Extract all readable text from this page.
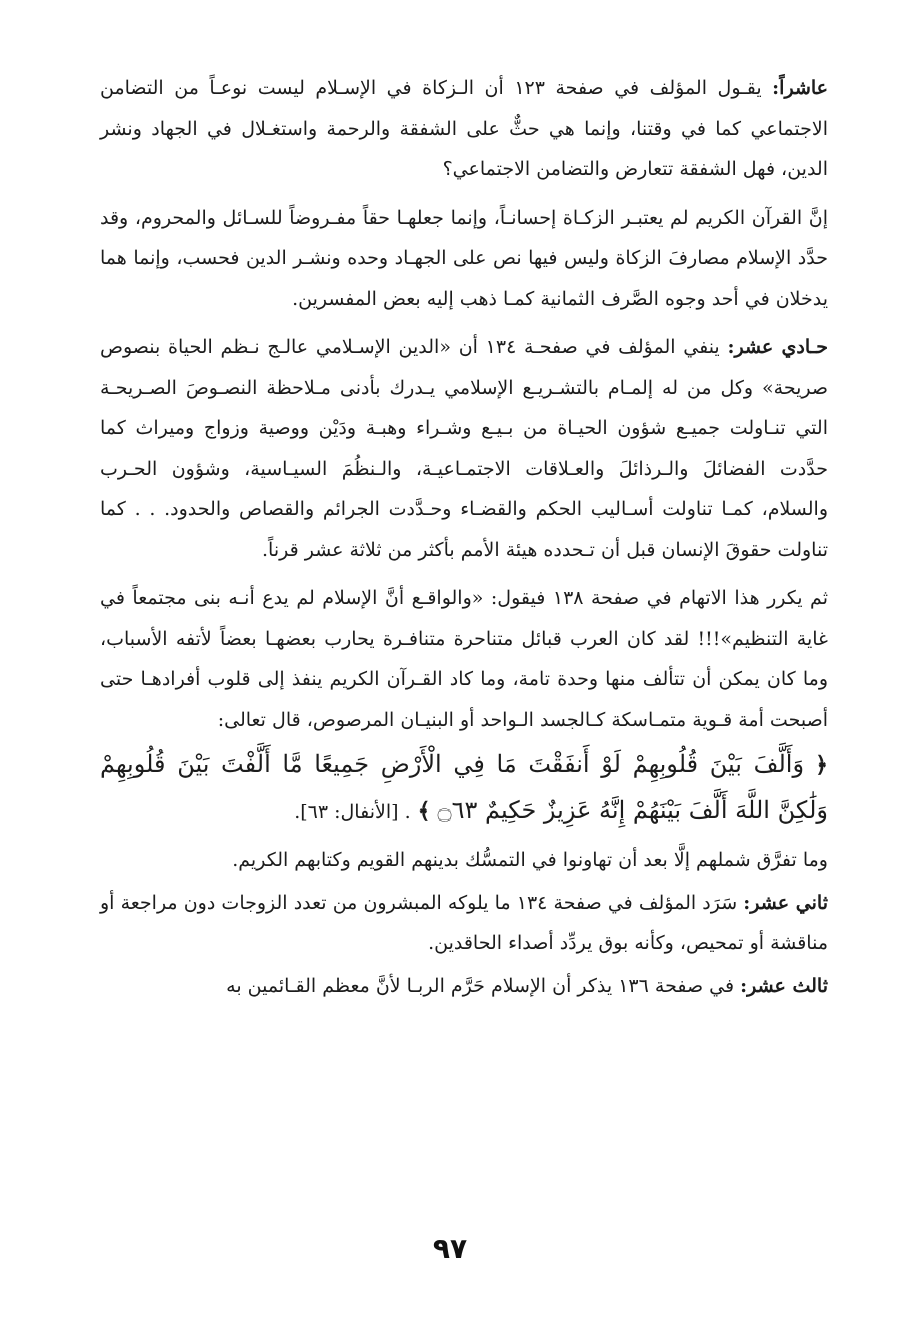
عاشراً: يقـول المؤلف في صفحة ١٢٣ أن الـزكاة في الإسـلام ليست نوعـاً من التضامن الاجتماعي كما في وقتنا، وإنما هي حثٌّ على الشفقة والرحمة واستغـلال في الجهاد ونشر الدين، فهل الشفقة تتعارض والتضامن الاجتماعي؟

إنَّ القرآن الكريم لم يعتبـر الزكـاة إحسانـاً، وإنما جعلهـا حقاً مفـروضاً للسـائل والمحروم، وقد حدَّد الإسلام مصارفَ الزكاة وليس فيها نص على الجهـاد وحده ونشـر الدين فحسب، وإنما هما يدخلان في أحد وجوه الصَّرف الثمانية كمـا ذهب إليه بعض المفسرين.

حـادي عشر: ينفي المؤلف في صفحـة ١٣٤ أن «الدين الإسـلامي عالـج نـظم الحياة بنصوص صريحة» وكل من له إلمـام بالتشـريـع الإسلامي يـدرك بأدنى مـلاحظة النصـوصَ الصـريحـة التي تنـاولت جميـع شؤون الحيـاة من بـيـع وشـراء وهبـة ودَيْن ووصية وزواج وميراث كما حدَّدت الفضائلَ والـرذائلَ والعـلاقات الاجتمـاعيـة، والـنظُمَ السيـاسية، وشؤون الحـرب والسلام، كمـا تناولت أسـاليب الحكم والقضـاء وحـدَّدت الجرائم والقصاص والحدود. . . كما تناولت حقوقَ الإنسان قبل أن تـحدده هيئة الأمم بأكثر من ثلاثة عشر قرناً.

ثم يكرر هذا الاتهام في صفحة ١٣٨ فيقول: «والواقـع أنَّ الإسلام لم يدع أنـه بنى مجتمعاً في غاية التنظيم»!!! لقد كان العرب قبائل متناحرة متنافـرة يحارب بعضهـا بعضاً لأتفه الأسباب، وما كان يمكن أن تتألف منها وحدة تامة، وما كاد القـرآن الكريم ينفذ إلى قلوب أفرادهـا حتى أصبحت أمة قـوية متمـاسكة كـالجسد الـواحد أو البنيـان المرصوص، قال تعالى:

﴿ وَأَلَّفَ بَيْنَ قُلُوبِهِمْ لَوْ أَنفَقْتَ مَا فِي الْأَرْضِ جَمِيعًا مَّا أَلَّفْتَ بَيْنَ قُلُوبِهِمْ وَلَٰكِنَّ اللَّهَ أَلَّفَ بَيْنَهُمْ إِنَّهُ عَزِيزٌ حَكِيمٌ ۝٦٣ ﴾ . [الأنفال: ٦٣].

وما تفرَّق شملهم إلَّا بعد أن تهاونوا في التمسُّك بدينهم القويم وكتابهم الكريم.

ثاني عشر: سَرَد المؤلف في صفحة ١٣٤ ما يلوكه المبشرون من تعدد الزوجات دون مراجعة أو مناقشة أو تمحيص، وكأنه بوق يردِّد أصداء الحاقدين.

ثالث عشر: في صفحة ١٣٦ يذكر أن الإسلام حَرَّم الربـا لأنَّ معظم القـائمين به

٩٧
